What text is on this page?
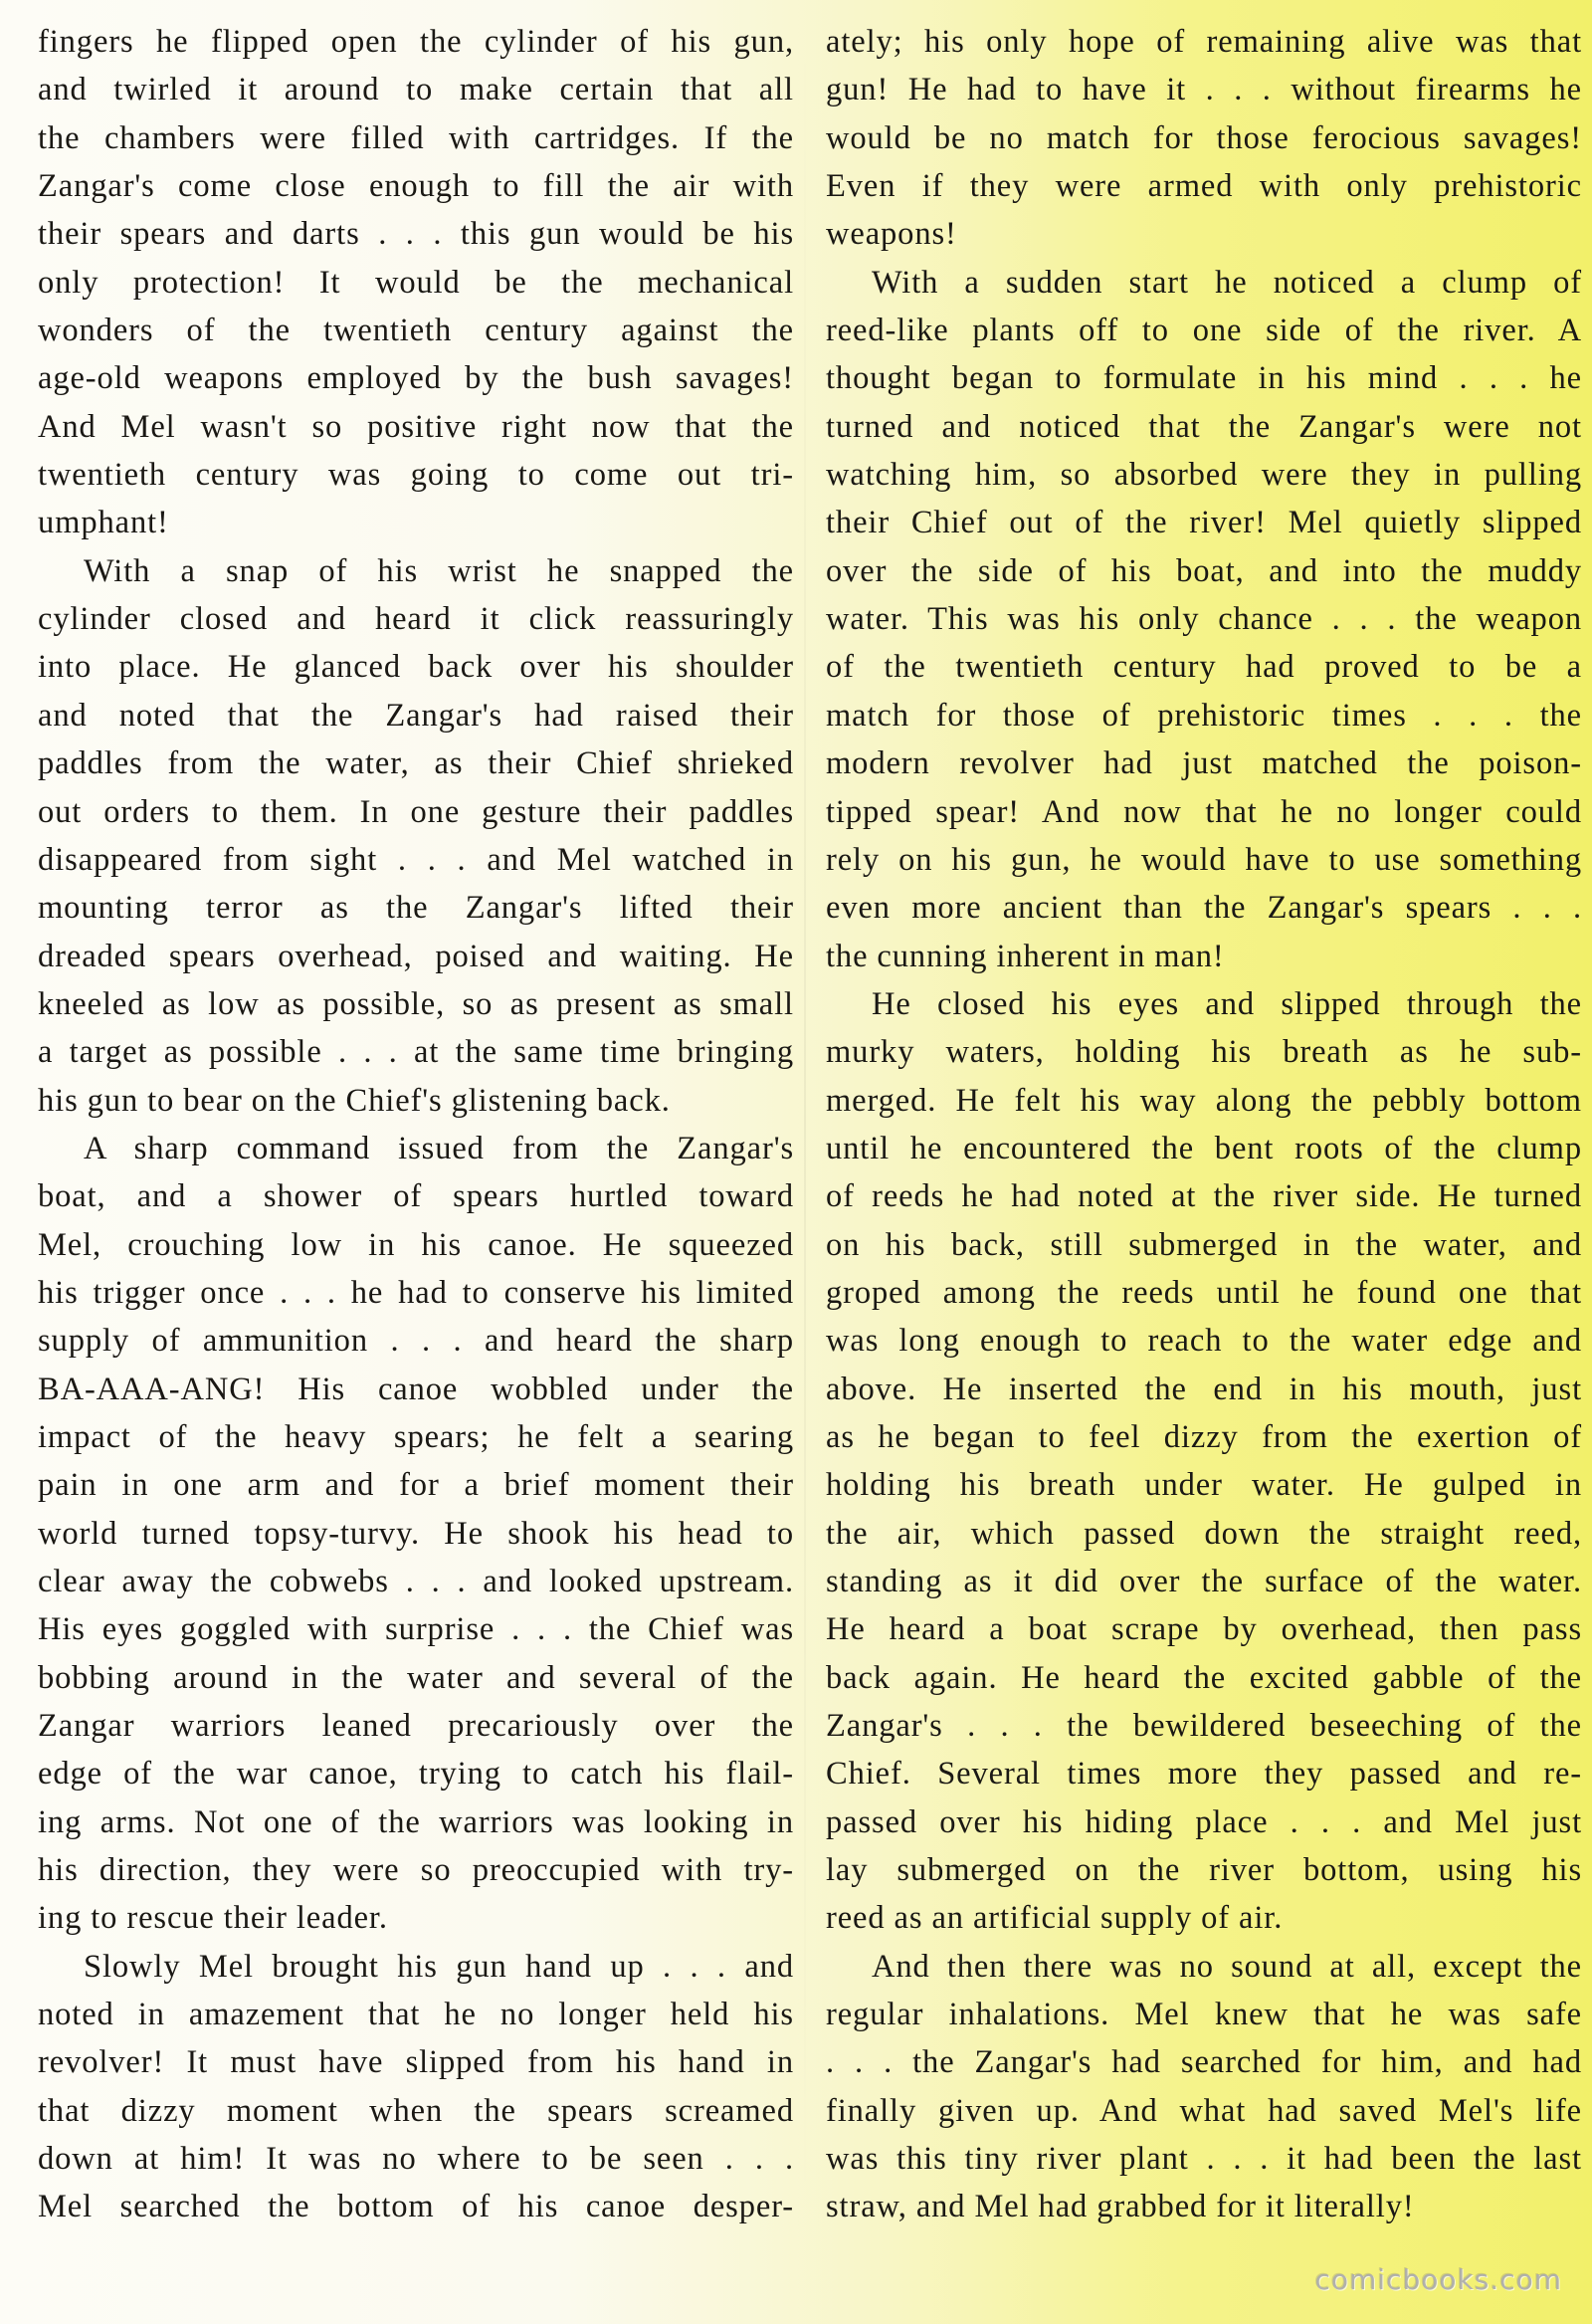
fingers he flipped open the cylinder of his gun,
and twirled it around to make certain that all
the chambers were filled with cartridges. If the
Zangar's come close enough to fill the air with
their spears and darts . . . this gun would be his
only protection! It would be the mechanical
wonders of the twentieth century against the
age-old weapons employed by the bush savages!
And Mel wasn't so positive right now that the
twentieth century was going to come out tri-
umphant!
With a snap of his wrist he snapped the
cylinder closed and heard it click reassuringly
into place. He glanced back over his shoulder
and noted that the Zangar's had raised their
paddles from the water, as their Chief shrieked
out orders to them. In one gesture their paddles
disappeared from sight . . . and Mel watched in
mounting terror as the Zangar's lifted their
dreaded spears overhead, poised and waiting. He
kneeled as low as possible, so as present as small
a target as possible . . . at the same time bringing
his gun to bear on the Chief's glistening back.
A sharp command issued from the Zangar's
boat, and a shower of spears hurtled toward
Mel, crouching low in his canoe. He squeezed
his trigger once . . . he had to conserve his limited
supply of ammunition . . . and heard the sharp
BA-AAA-ANG! His canoe wobbled under the
impact of the heavy spears; he felt a searing
pain in one arm and for a brief moment their
world turned topsy-turvy. He shook his head to
clear away the cobwebs . . . and looked upstream.
His eyes goggled with surprise . . . the Chief was
bobbing around in the water and several of the
Zangar warriors leaned precariously over the
edge of the war canoe, trying to catch his flail-
ing arms. Not one of the warriors was looking in
his direction, they were so preoccupied with try-
ing to rescue their leader.
Slowly Mel brought his gun hand up . . . and
noted in amazement that he no longer held his
revolver! It must have slipped from his hand in
that dizzy moment when the spears screamed
down at him! It was no where to be seen . . .
Mel searched the bottom of his canoe desper-
ately; his only hope of remaining alive was that
gun! He had to have it . . . without firearms he
would be no match for those ferocious savages!
Even if they were armed with only prehistoric
weapons!
With a sudden start he noticed a clump of
reed-like plants off to one side of the river. A
thought began to formulate in his mind . . . he
turned and noticed that the Zangar's were not
watching him, so absorbed were they in pulling
their Chief out of the river! Mel quietly slipped
over the side of his boat, and into the muddy
water. This was his only chance . . . the weapon
of the twentieth century had proved to be a
match for those of prehistoric times . . . the
modern revolver had just matched the poison-
tipped spear! And now that he no longer could
rely on his gun, he would have to use something
even more ancient than the Zangar's spears . . .
the cunning inherent in man!
He closed his eyes and slipped through the
murky waters, holding his breath as he sub-
merged. He felt his way along the pebbly bottom
until he encountered the bent roots of the clump
of reeds he had noted at the river side. He turned
on his back, still submerged in the water, and
groped among the reeds until he found one that
was long enough to reach to the water edge and
above. He inserted the end in his mouth, just
as he began to feel dizzy from the exertion of
holding his breath under water. He gulped in
the air, which passed down the straight reed,
standing as it did over the surface of the water.
He heard a boat scrape by overhead, then pass
back again. He heard the excited gabble of the
Zangar's . . . the bewildered beseeching of the
Chief. Several times more they passed and re-
passed over his hiding place . . . and Mel just
lay submerged on the river bottom, using his
reed as an artificial supply of air.
And then there was no sound at all, except the
regular inhalations. Mel knew that he was safe
. . . the Zangar's had searched for him, and had
finally given up. And what had saved Mel's life
was this tiny river plant . . . it had been the last
straw, and Mel had grabbed for it literally!
comicbooks.com
